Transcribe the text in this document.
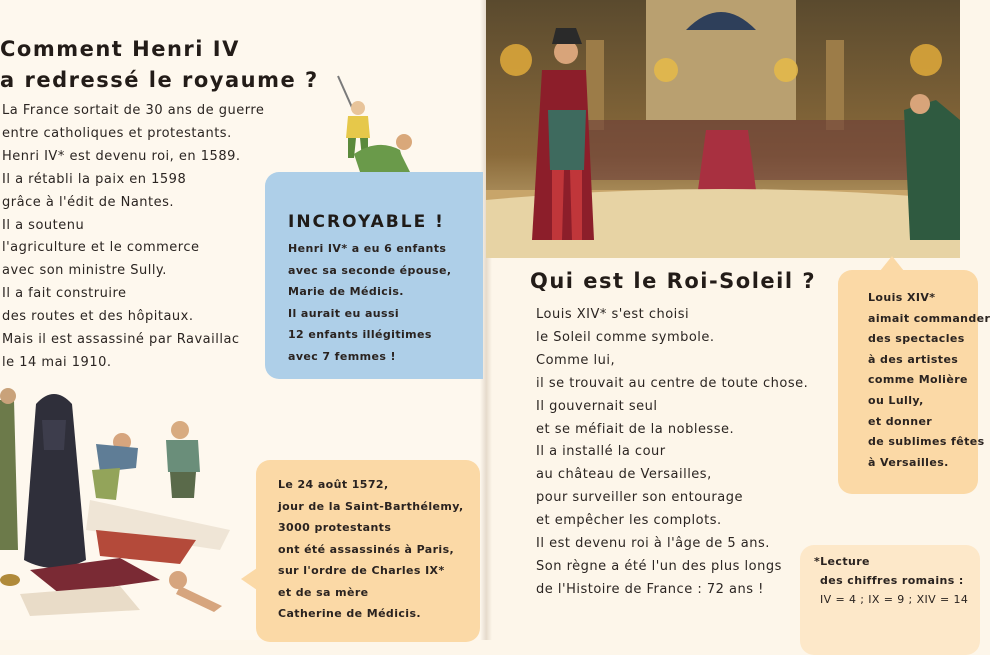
Comment Henri IV
a redressé le royaume ?
La France sortait de 30 ans de guerre
entre catholiques et protestants.
Henri IV* est devenu roi, en 1589.
Il a rétabli la paix en 1598
grâce à l'édit de Nantes.
Il a soutenu
l'agriculture et le commerce
avec son ministre Sully.
Il a fait construire
des routes et des hôpitaux.
Mais il est assassiné par Ravaillac
le 14 mai 1910.
INCROYABLE !
Henri IV* a eu 6 enfants
avec sa seconde épouse,
Marie de Médicis.
Il aurait eu aussi
12 enfants illégitimes
avec 7 femmes !
Le 24 août 1572,
jour de la Saint-Barthélemy,
3000 protestants
ont été assassinés à Paris,
sur l'ordre de Charles IX*
et de sa mère
Catherine de Médicis.
Qui est le Roi-Soleil ?
Louis XIV* s'est choisi
le Soleil comme symbole.
Comme lui,
il se trouvait au centre de toute chose.
Il gouvernait seul
et se méfiait de la noblesse.
Il a installé la cour
au château de Versailles,
pour surveiller son entourage
et empêcher les complots.
Il est devenu roi à l'âge de 5 ans.
Son règne a été l'un des plus longs
de l'Histoire de France : 72 ans !
Louis XIV*
aimait commander
des spectacles
à des artistes
comme Molière
ou Lully,
et donner
de sublimes fêtes
à Versailles.
*Lecture
des chiffres romains :
IV = 4 ; IX = 9 ; XIV = 14
